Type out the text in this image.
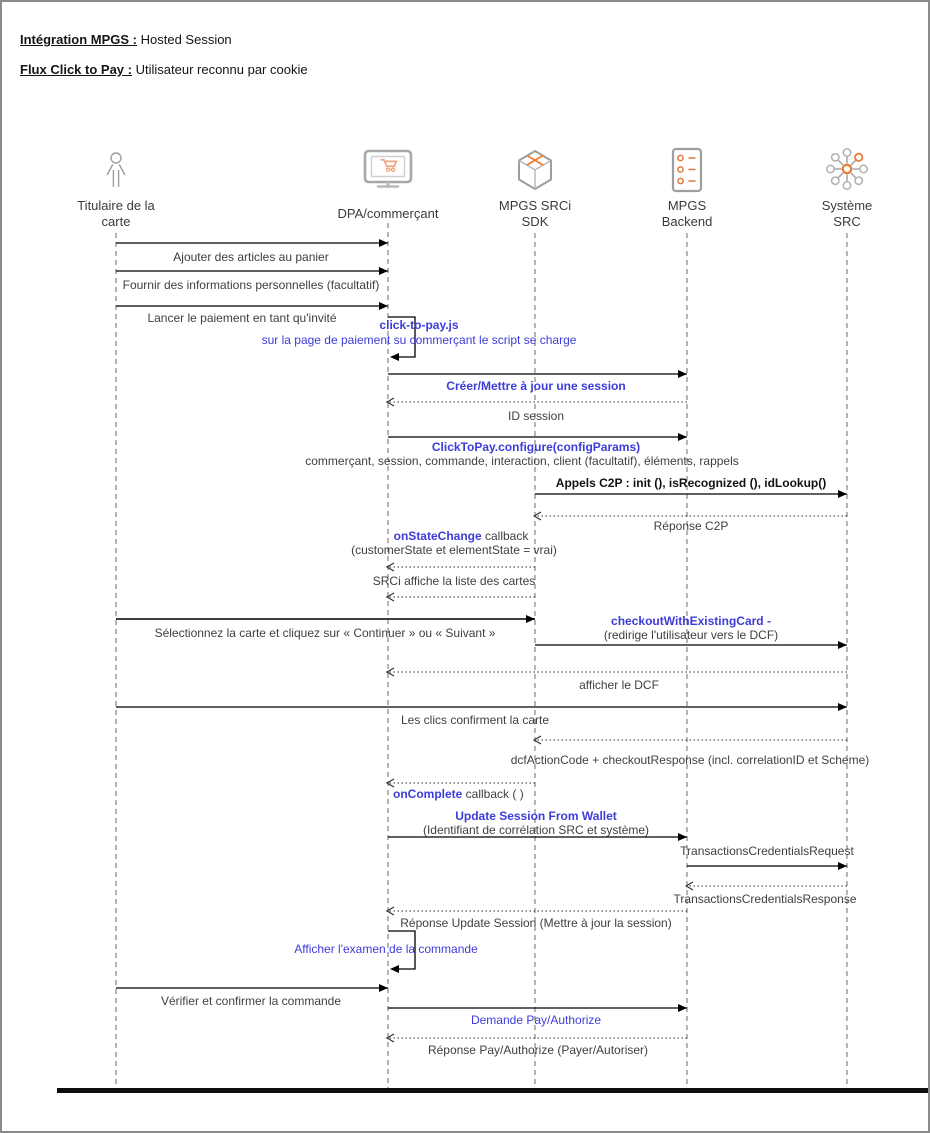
Intégration MPGS : Hosted Session
Flux Click to Pay : Utilisateur reconnu par cookie
Titulaire de la
carte
DPA/commerçant
MPGS SRCi
SDK
MPGS
Backend
Système
SRC
Ajouter des articles au panier
Fournir des informations personnelles (facultatif)
Lancer le paiement en tant qu'invité	click-to-pay.js
sur la page de paiement su commerçant le script se charge
Créer/Mettre à jour une session
ID session
ClickToPay.configure(configParams)
commerçant, session, commande, interaction, client (facultatif), éléments, rappels
Appels C2P : init (), isRecognized (), idLookup()
Réponse C2P
onStateChange callback
(customerState et elementState = vrai)
SRCi affiche la liste des cartes
Sélectionnez la carte et cliquez sur « Continuer » ou « Suivant »
checkoutWithExistingCard -
(redirige l'utilisateur vers le DCF)
afficher le DCF
Les clics confirment la carte
dcfActionCode + checkoutResponse (incl. correlationID et Scheme)
onComplete callback ( )
Update Session From Wallet
(Identifiant de corrélation SRC et système)
TransactionsCredentialsRequest
TransactionsCredentialsResponse
Réponse Update Session (Mettre à jour la session)
Afficher l'examen de la commande
Vérifier et confirmer la commande
Demande Pay/Authorize
Réponse Pay/Authorize (Payer/Autoriser)
